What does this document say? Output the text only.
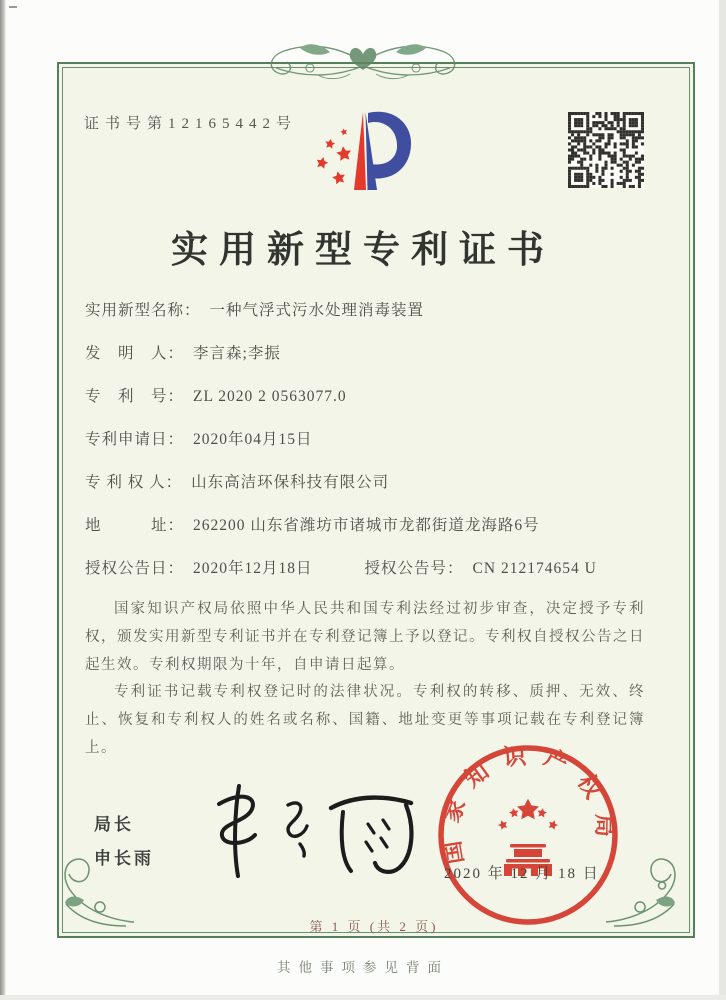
证书号第12165442号
实用新型专利证书
实用新型名称： 一种气浮式污水处理消毒装置
发　明　人： 李言森;李振
专　利　号： ZL 2020 2 0563077.0
专利申请日： 2020年04月15日
专 利 权 人： 山东高洁环保科技有限公司
地　　　址： 262200 山东省潍坊市诸城市龙都街道龙海路6号
授权公告日： 2020年12月18日	授权公告号： CN 212174654 U

国家知识产权局依照中华人民共和国专利法经过初步审查，决定授予专利权，颁发实用新型专利证书并在专利登记簿上予以登记。专利权自授权公告之日起生效。专利权期限为十年，自申请日起算。

专利证书记载专利权登记时的法律状况。专利权的转移、质押、无效、终止、恢复和专利权人的姓名或名称、国籍、地址变更等事项记载在专利登记簿上。

局长
申长雨	国家知识产权局
2020 年 12 月 18 日
第 1 页 (共 2 页)
其他事项参见背面
